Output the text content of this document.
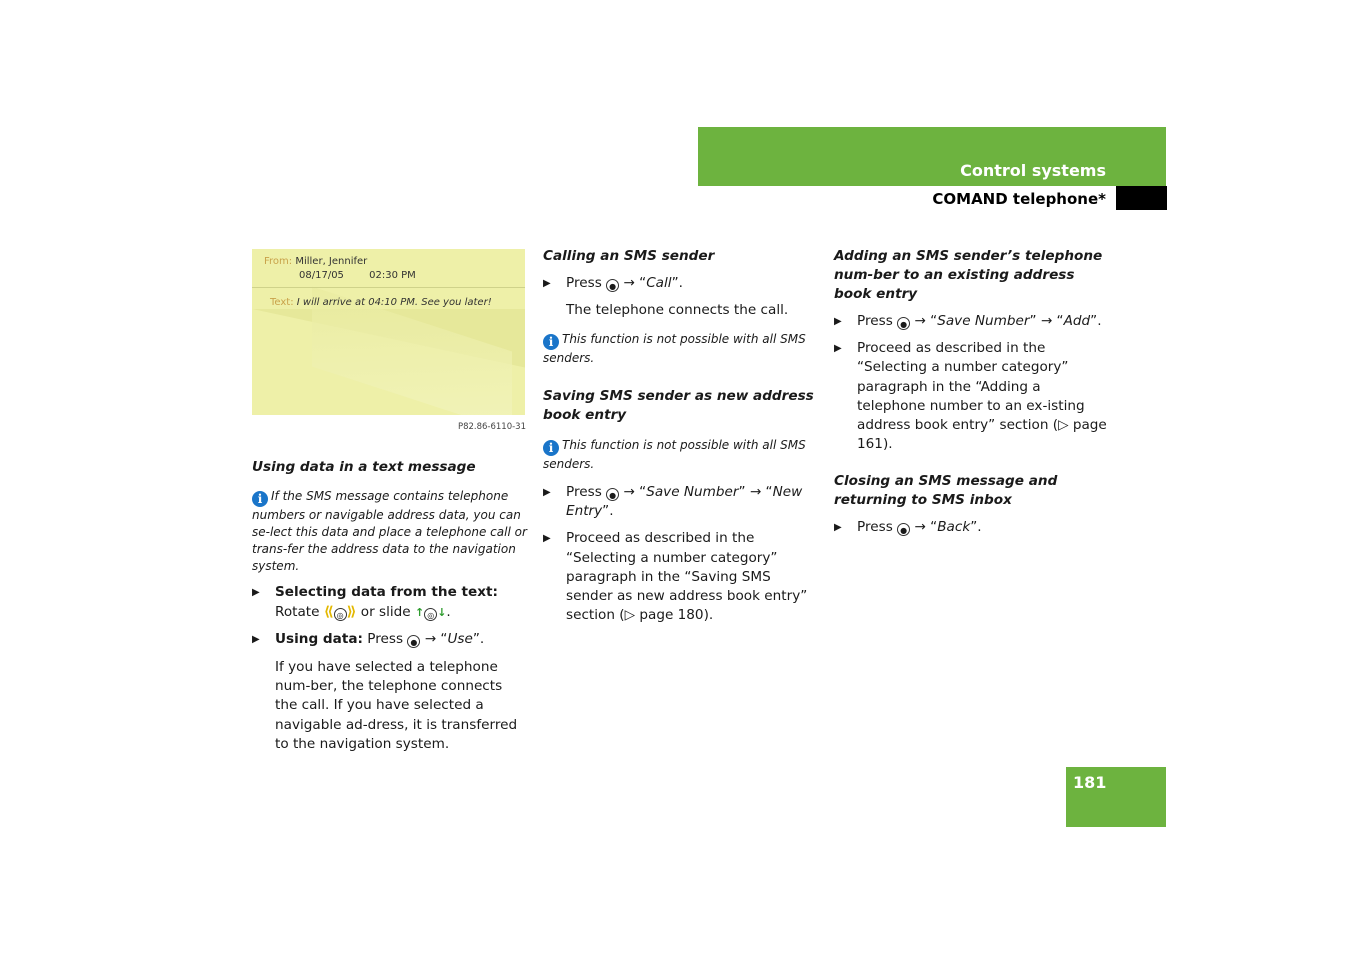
Control systems
COMAND telephone*
181
From: Miller, Jennifer
08/17/05	02:30 PM
Text: I will arrive at 04:10 PM. See you later!
P82.86-6110-31
Using data in a text message
i If the SMS message contains telephone numbers or navigable address data, you can se-lect this data and place a telephone call or trans-fer the address data to the navigation system.
▶ Selecting data from the text:
Rotate ⟪ ◎ ⟫ or slide ↑ ◎ ↓.
▶ Using data: Press ● → “Use”.
If you have selected a telephone num-ber, the telephone connects the call. If you have selected a navigable ad-dress, it is transferred to the navigation system.
Calling an SMS sender
▶ Press ● → “Call”.
The telephone connects the call.
i This function is not possible with all SMS senders.
Saving SMS sender as new address book entry
i This function is not possible with all SMS senders.
▶ Press ● → “Save Number” → “New Entry”.
▶ Proceed as described in the “Selecting a number category” paragraph in the “Saving SMS sender as new address book entry” section (▷ page 180).
Adding an SMS sender’s telephone num-ber to an existing address book entry
▶ Press ● → “Save Number” → “Add”.
▶ Proceed as described in the “Selecting a number category” paragraph in the “Adding a telephone number to an ex-isting address book entry” section (▷ page 161).
Closing an SMS message and returning to SMS inbox
▶ Press ● → “Back”.
